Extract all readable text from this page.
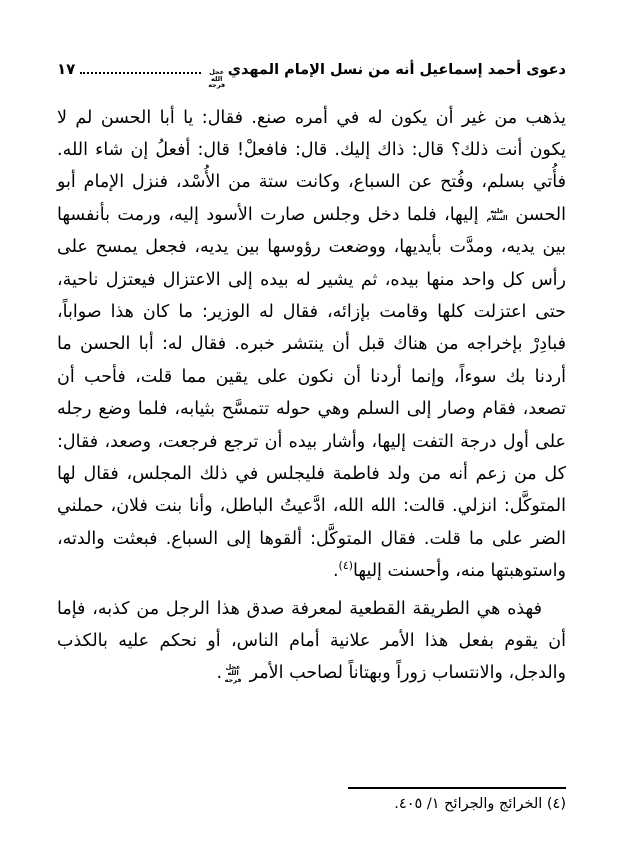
دعوى أحمد إسماعيل أنه من نسل الإمام المهدي
عجل الله فرجه
١٧

يذهب من غير أن يكون له في أمره صنع. فقال: يا أبا الحسن لم لا يكون أنت ذلك؟ قال: ذاك إليك. قال: فافعلْ! قال: أفعلُ إن شاء الله. فأُتي بسلم، وفُتح عن السباع، وكانت ستة من الأُسْد، فنزل الإمام أبو الحسن عليه السلام إليها، فلما دخل وجلس صارت الأسود إليه، ورمت بأنفسها بين يديه، ومدَّت بأيديها، ووضعت رؤوسها بين يديه، فجعل يمسح على رأس كل واحد منها بيده، ثم يشير له بيده إلى الاعتزال فيعتزل ناحية، حتى اعتزلت كلها وقامت بإزائه، فقال له الوزير: ما كان هذا صواباً، فبادِرْ بإخراجه من هناك قبل أن ينتشر خبره. فقال له: أبا الحسن ما أردنا بك سوءاً، وإنما أردنا أن نكون على يقين مما قلت، فأحب أن تصعد، فقام وصار إلى السلم وهي حوله تتمسَّح بثيابه، فلما وضع رجله على أول درجة التفت إليها، وأشار بيده أن ترجع فرجعت، وصعد، فقال: كل من زعم أنه من ولد فاطمة فليجلس في ذلك المجلس، فقال لها المتوكَّل: انزلي. قالت: الله الله، ادَّعيتُ الباطل، وأنا بنت فلان، حملني الضر على ما قلت. فقال المتوكَّل: ألقوها إلى السباع. فبعثت والدته، واستوهبتها منه، وأحسنت إليها$^{(٤)}$.

فهذه هي الطريقة القطعية لمعرفة صدق هذا الرجل من كذبه، فإما أن يقوم بفعل هذا الأمر علانية أمام الناس، أو نحكم عليه بالكذب والدجل، والانتساب زوراً وبهتاناً لصاحب الأمر عجل الله فرجه.

(٤) الخرائج والجرائح ١/ ٤٠٥.
